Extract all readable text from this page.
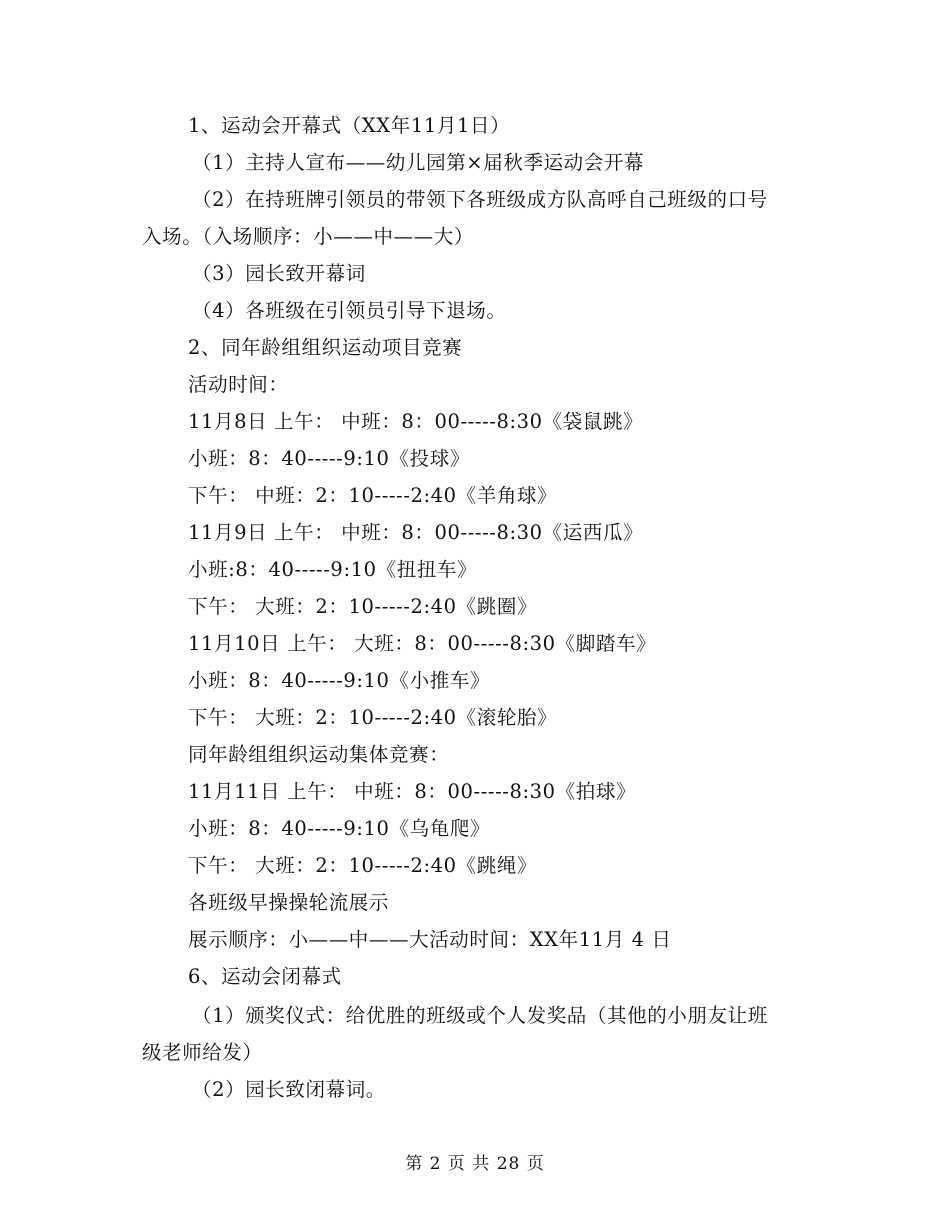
1、运动会开幕式（XX年11月1日）
（1）主持人宣布——幼儿园第×届秋季运动会开幕
（2）在持班牌引领员的带领下各班级成方队高呼自己班级的口号
入场。（入场顺序：小——中——大）
（3）园长致开幕词
（4）各班级在引领员引导下退场。
2、同年龄组组织运动项目竞赛
活动时间：
11月8日 上午： 中班：8：00-----8:30《袋鼠跳》
小班：8：40-----9:10《投球》
下午： 中班：2：10-----2:40《羊角球》
11月9日 上午： 中班：8：00-----8:30《运西瓜》
小班:8：40-----9:10《扭扭车》
下午： 大班：2：10-----2:40《跳圈》
11月10日 上午： 大班：8：00-----8:30《脚踏车》
小班：8：40-----9:10《小推车》
下午： 大班：2：10-----2:40《滚轮胎》
同年龄组组织运动集体竞赛：
11月11日 上午： 中班：8：00-----8:30《拍球》
小班：8：40-----9:10《乌龟爬》
下午： 大班：2：10-----2:40《跳绳》
各班级早操操轮流展示
展示顺序：小——中——大活动时间：XX年11月 4 日
6、运动会闭幕式
（1）颁奖仪式：给优胜的班级或个人发奖品（其他的小朋友让班
级老师给发）
（2）园长致闭幕词。
第 2 页 共 28 页
